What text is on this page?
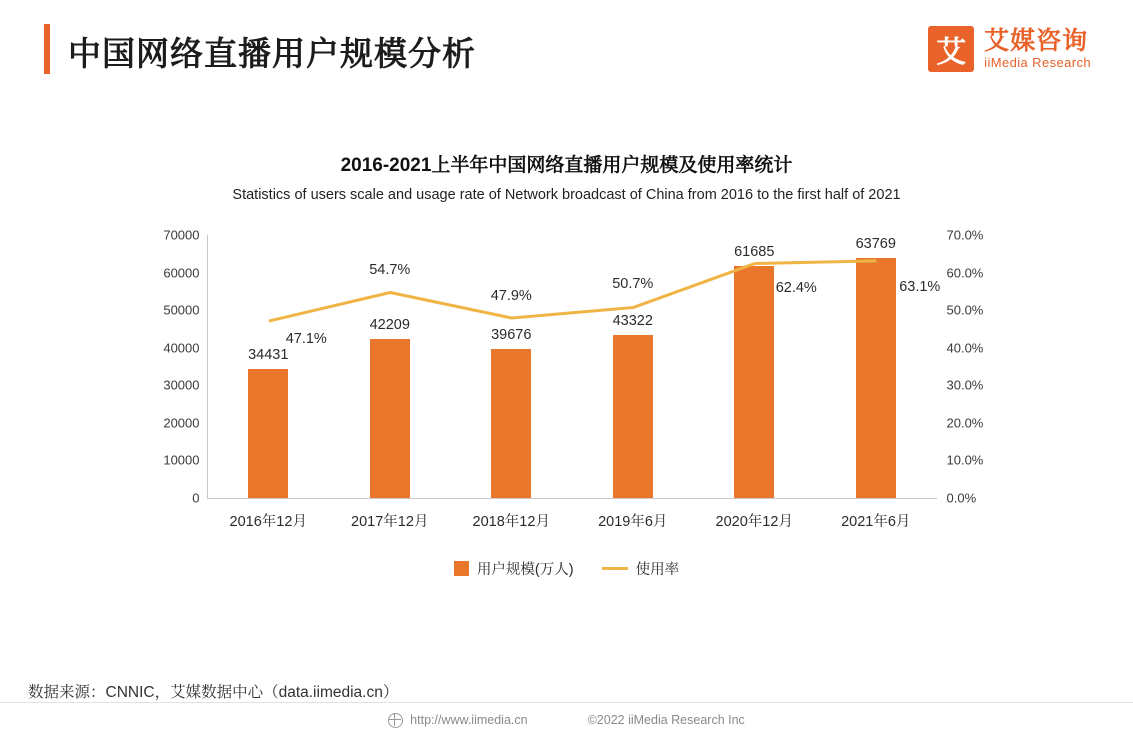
中国网络直播用户规模分析	艾 艾媒咨询
iiMedia Research
2016-2021上半年中国网络直播用户规模及使用率统计
Statistics of users scale and usage rate of Network broadcast of China from 2016 to the first half of 2021
34431
2016年12月
42209
2017年12月
39676
2018年12月
43322
2019年6月
61685
2020年12月
63769
2021年6月
0
10000
20000
30000
40000
50000
60000
70000
0.0%
10.0%
20.0%
30.0%
40.0%
50.0%
60.0%
70.0%
47.1%
54.7%
47.9%
50.7%	62.4%	63.1%
用户规模(万人)	使用率
数据来源：CNNIC，艾媒数据中心（data.iimedia.cn）
http://www.iimedia.cn	©2022 iiMedia Research Inc
